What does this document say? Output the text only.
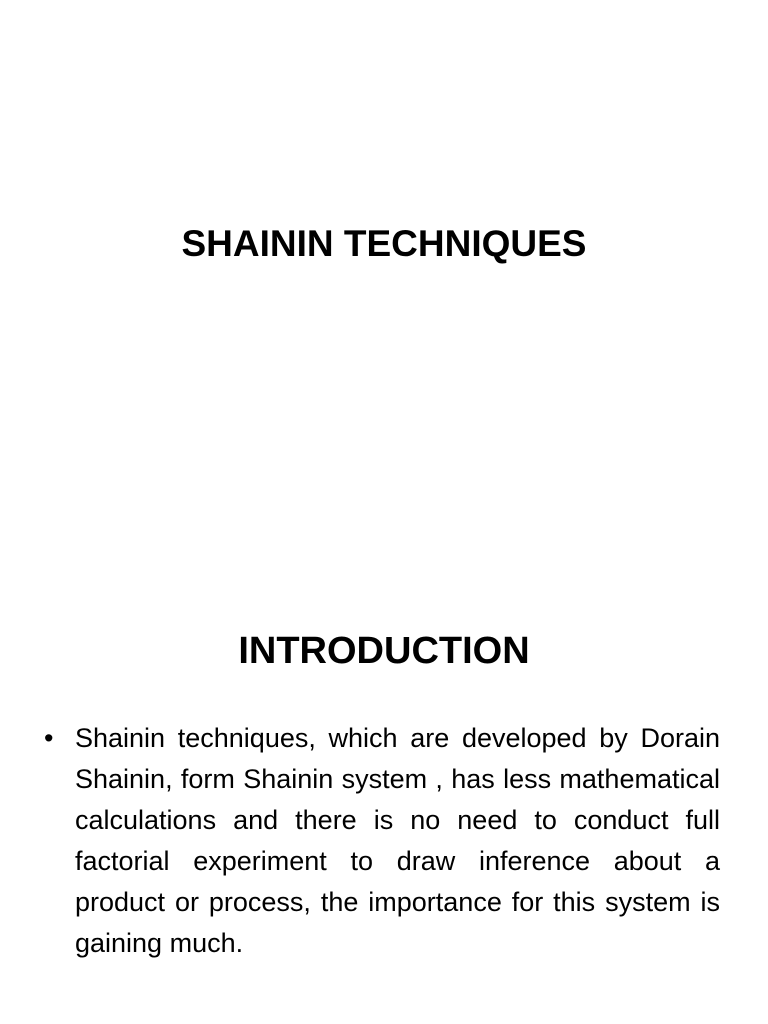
SHAININ TECHNIQUES
INTRODUCTION
• Shainin techniques, which are developed by Dorain Shainin, form Shainin system , has less mathematical calculations and there is no need to conduct full factorial experiment to draw inference about a product or process, the importance for this system is gaining much.
